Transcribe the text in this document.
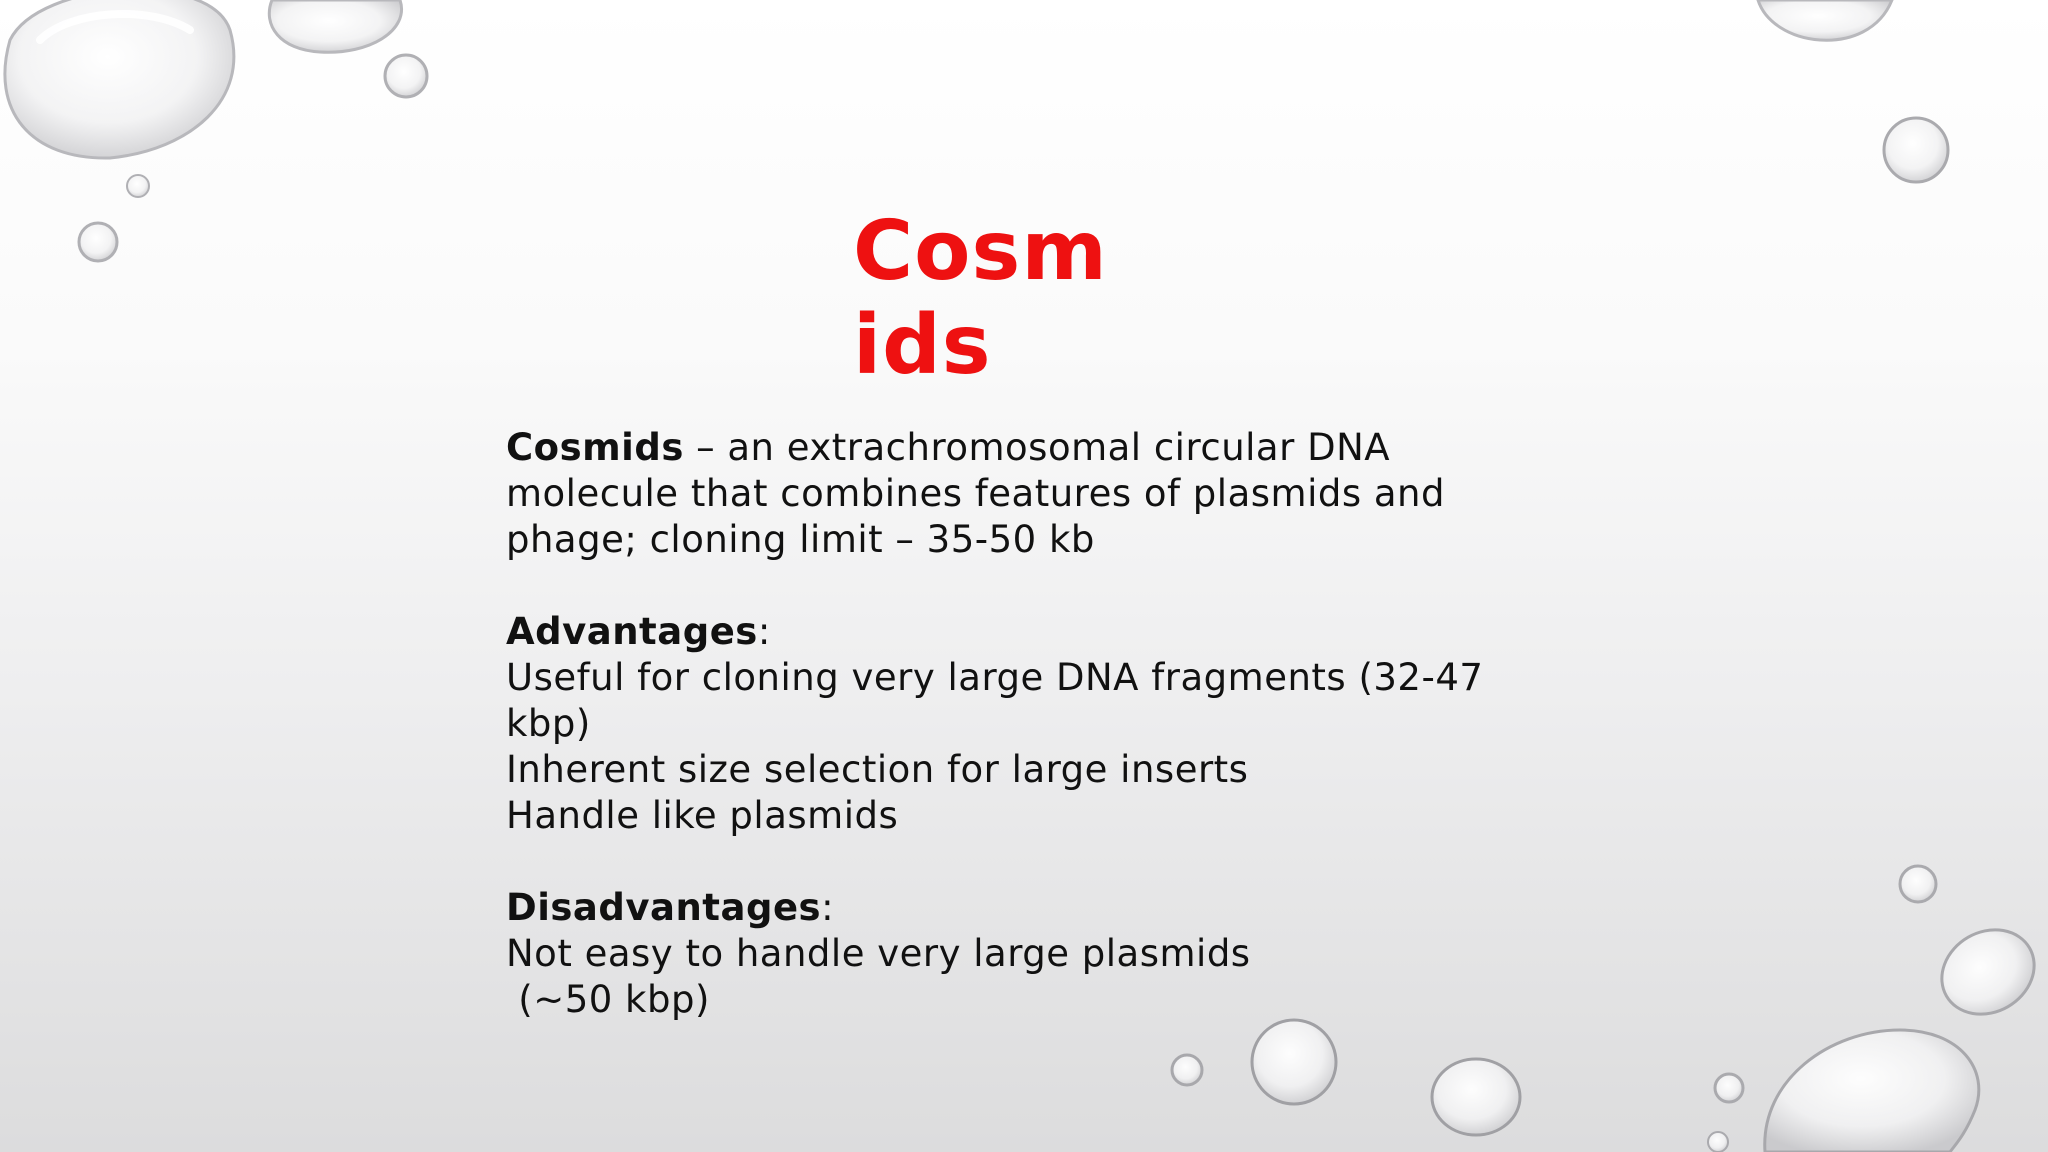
Cosmids

Cosmids – an extrachromosomal circular DNA

molecule that combines features of plasmids and

phage; cloning limit – 35-50 kb

Advantages:

Useful for cloning very large DNA fragments (32-47

kbp)

Inherent size selection for large inserts

Handle like plasmids

Disadvantages:

Not easy to handle very large plasmids

(~50 kbp)
